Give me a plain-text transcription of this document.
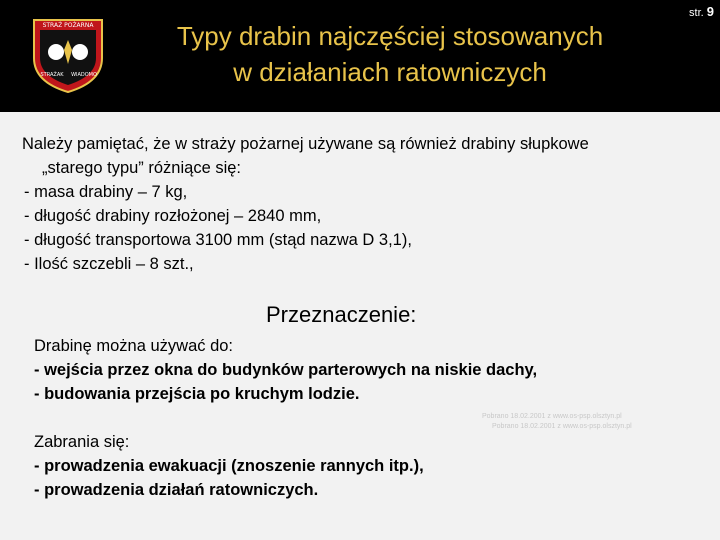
STRAŻ POŻARNA
STRAŻAK WIADOMO
Typy drabin najczęściej stosowanych
w działaniach ratowniczych
str. 9
Należy pamiętać, że w straży pożarnej używane są również drabiny słupkowe
„starego typu” różniące się:
- masa drabiny – 7 kg,
- długość drabiny rozłożonej – 2840 mm,
- długość transportowa 3100 mm (stąd nazwa D 3,1),
- Ilość szczebli – 8 szt.,
Przeznaczenie:
Drabinę można używać do:
- wejścia przez okna do budynków parterowych na niskie dachy,
- budowania przejścia po kruchym lodzie.
Pobrano 18.02.2001 z www.os-psp.olsztyn.pl
Pobrano 18.02.2001 z www.os-psp.olsztyn.pl
Zabrania się:
- prowadzenia ewakuacji (znoszenie rannych itp.),
- prowadzenia działań ratowniczych.
